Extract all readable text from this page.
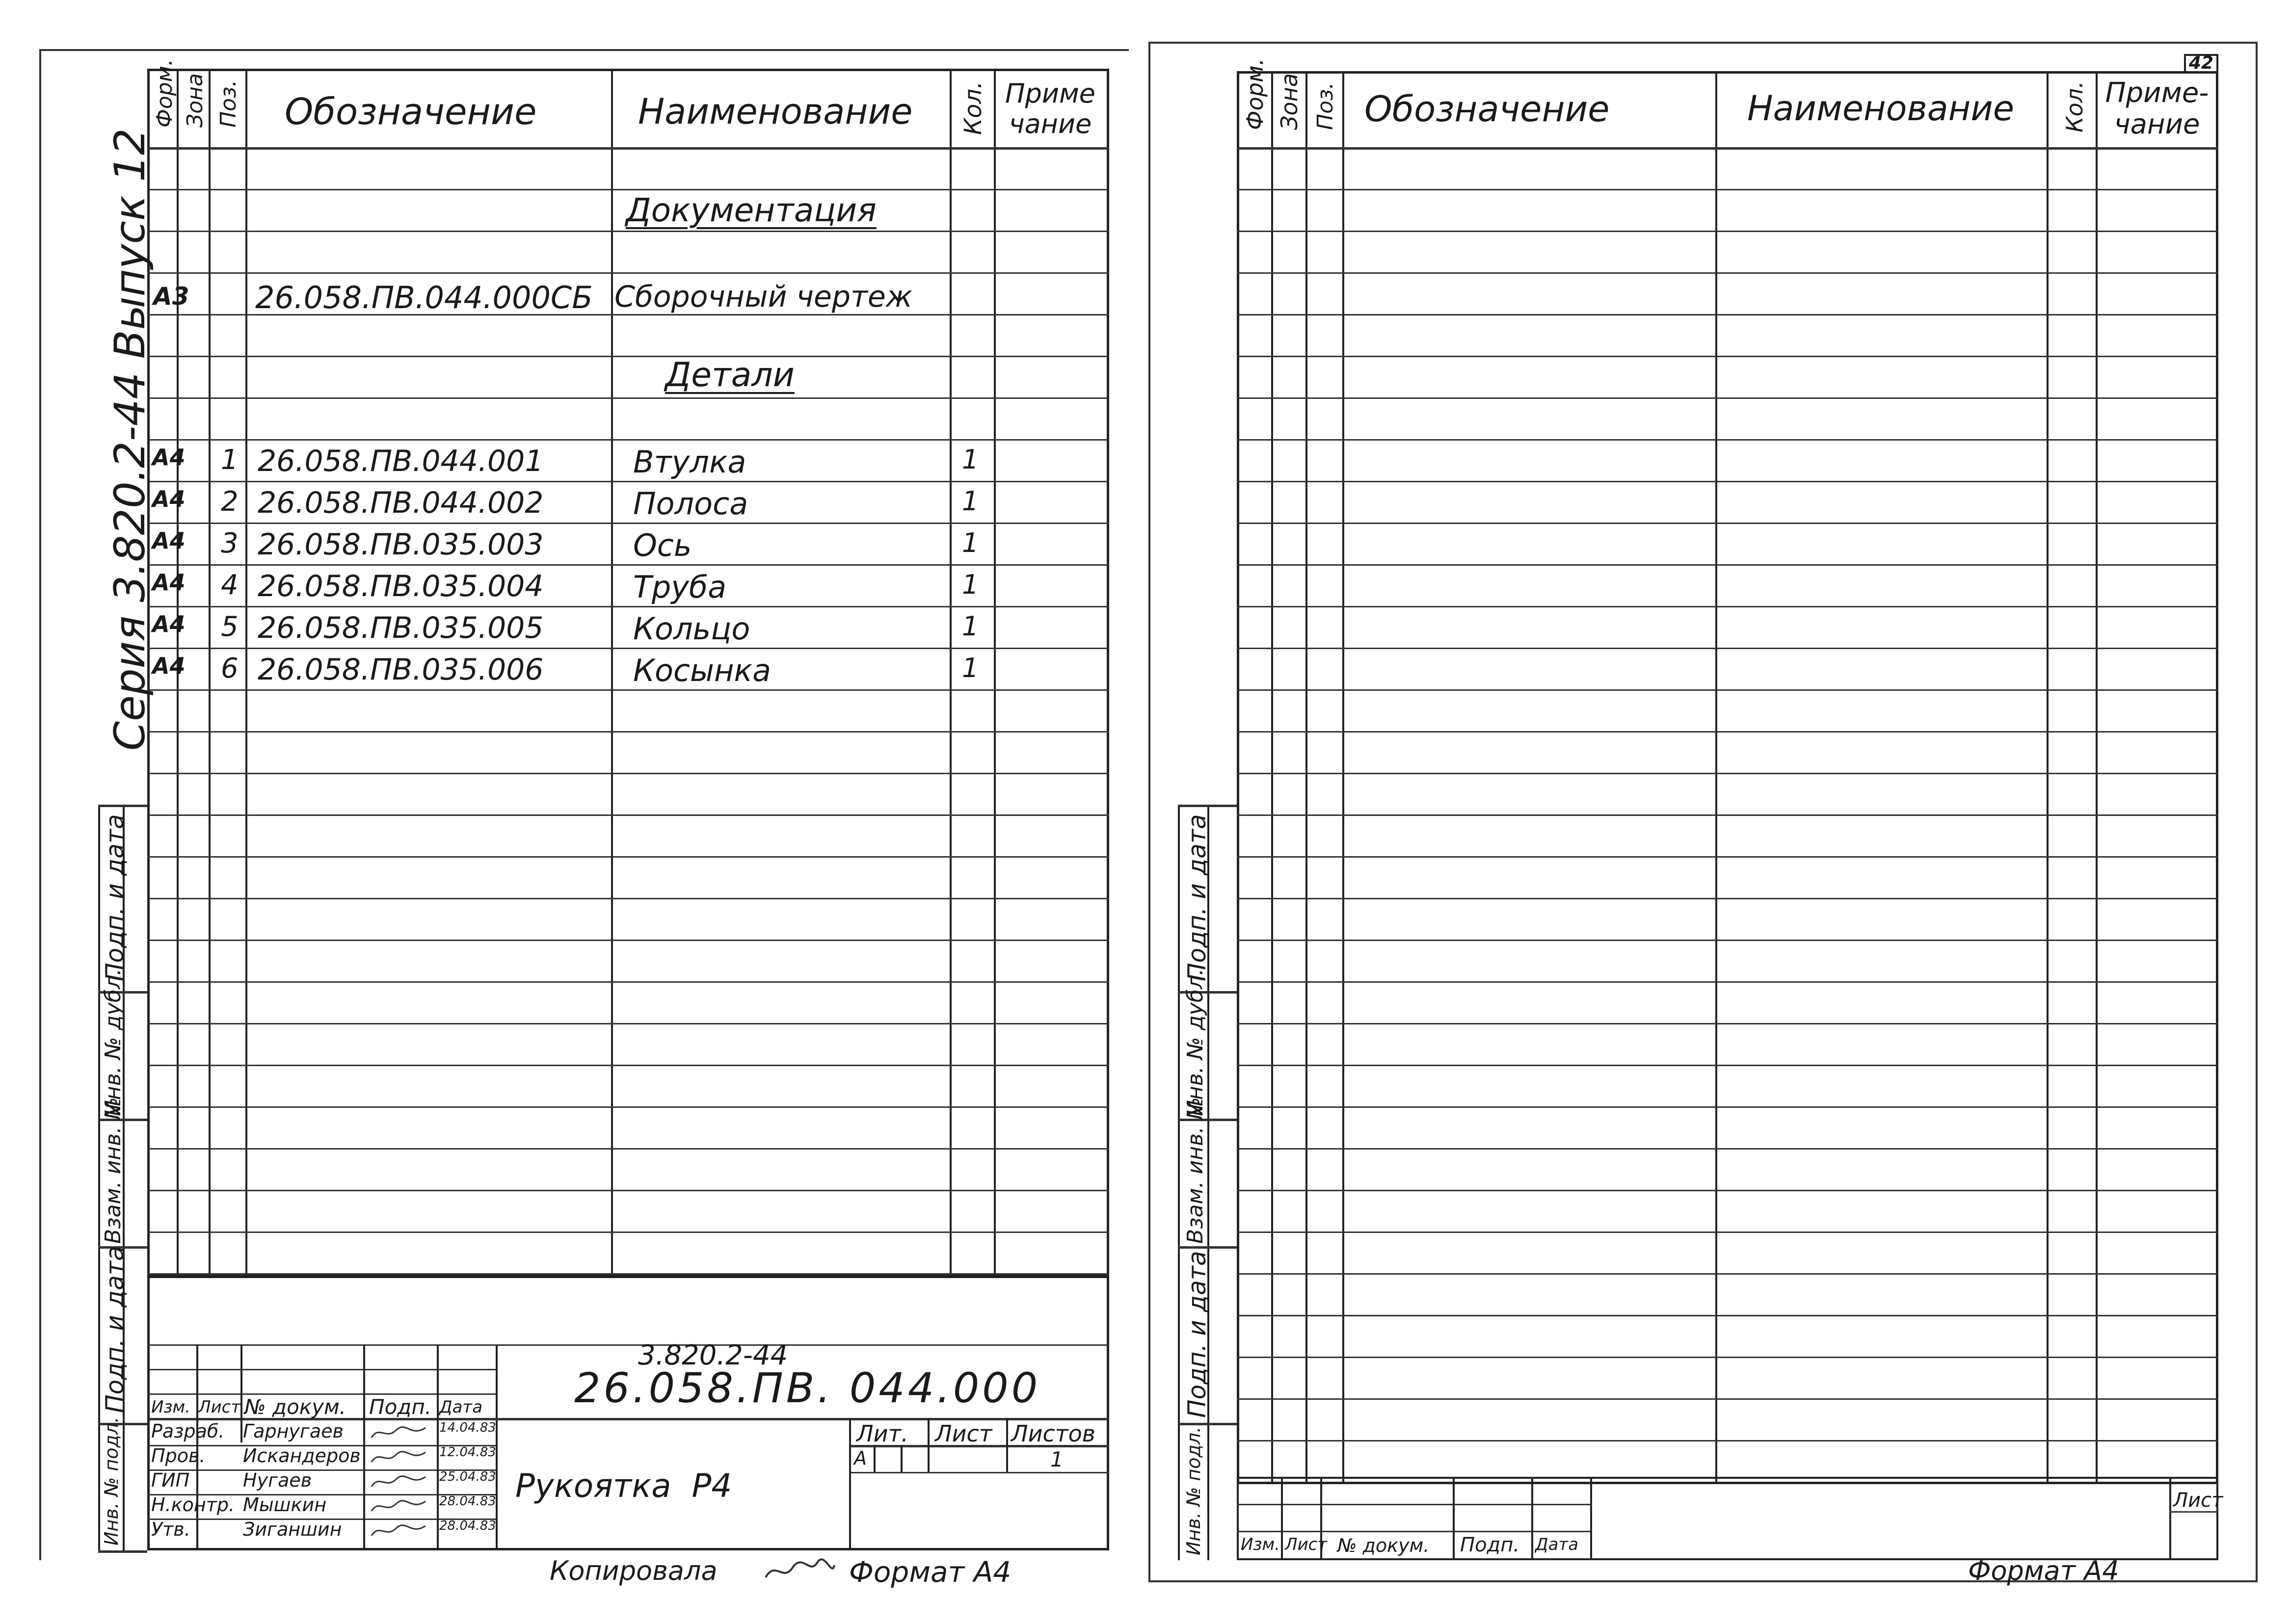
Форм. Зона Поз. Обозначение	Наименование Кол. Приме чание
Документация
А3 26.058.ПВ.044.000СБ Сборочный чертеж
Детали
А4 1 26.058.ПВ.044.001	Втулка	1
А4 2 26.058.ПВ.044.002	Полоса	1
А4 3 26.058.ПВ.035.003	Ось	1
А4 4 26.058.ПВ.035.004	Труба	1
А4 5 26.058.ПВ.035.005	Кольцо	1
А4 6 26.058.ПВ.035.006	Косынка	1
Серия 3.820.2-44 Выпуск 12
Подп. и дата
Инв. № дубл.
Взам. инв. №
Подп. и дата
Инв. № подл.
3.820.2-44
26.058.ПВ. 044.000
Изм. Лист № докум. Подп. Дата
Разраб. Гарнугаев	14.04.83
Пров. Искандеров	12.04.83
ГИП	Нугаев	25.04.83
Н.контр. Мышкин	28.04.83
Утв.	Зиганшин	28.04.83
Рукоятка  Р4
Лит. Лист Листов
А	1
Копировала	Формат А4
42
Форм. Зона Поз. Обозначение	Наименование Кол. Приме- чание
Подп. и дата
Инв. № дубл.
Взам. инв. №
Подп. и дата
Инв. № подл. Изм. Лист № докум. Подп. Дата
Лист
Формат А4
